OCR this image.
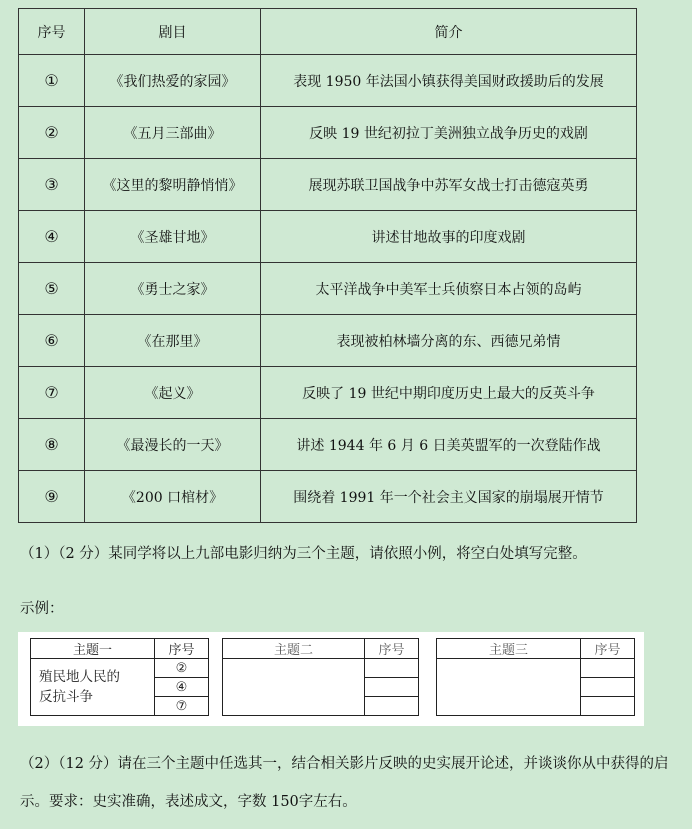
序号	剧目	简介
①	《我们热爱的家园》	表现 1950 年法国小镇获得美国财政援助后的发展
②	《五月三部曲》	反映 19 世纪初拉丁美洲独立战争历史的戏剧
③	《这里的黎明静悄悄》	展现苏联卫国战争中苏军女战士打击德寇英勇
④	《圣雄甘地》	讲述甘地故事的印度戏剧
⑤	《勇士之家》	太平洋战争中美军士兵侦察日本占领的岛屿
⑥	《在那里》	表现被柏林墙分离的东、西德兄弟情
⑦	《起义》	反映了 19 世纪中期印度历史上最大的反英斗争
⑧	《最漫长的一天》	讲述 1944 年 6 月 6 日美英盟军的一次登陆作战
⑨	《200 口棺材》	围绕着 1991 年一个社会主义国家的崩塌展开情节
（1）（2 分）某同学将以上九部电影归纳为三个主题，请依照小例，将空白处填写完整。
示例：
主题一	序号
殖民地人民的
反抗斗争	②
	④
	⑦
主题二	序号
		主题三	序号

（2）（12 分）请在三个主题中任选其一，结合相关影片反映的史实展开论述，并谈谈你从中获得的启示。要求：史实准确，表述成文，字数 150字左右。
